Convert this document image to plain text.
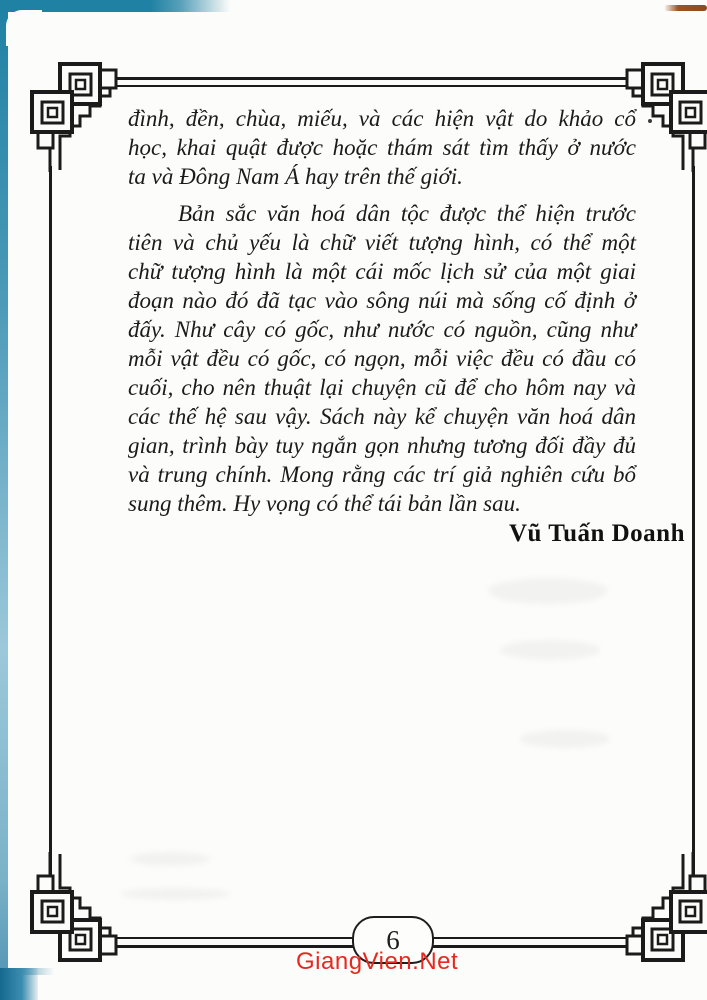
đình, đền, chùa, miếu, và các hiện vật do khảo cổ
học, khai quật được hoặc thám sát tìm thấy ở nước
ta và Đông Nam Á hay trên thế giới.
Bản sắc văn hoá dân tộc được thể hiện trước
tiên và chủ yếu là chữ viết tượng hình, có thể một
chữ tượng hình là một cái mốc lịch sử của một giai
đoạn nào đó đã tạc vào sông núi mà sống cố định ở
đấy. Như cây có gốc, như nước có nguồn, cũng như
mỗi vật đều có gốc, có ngọn, mỗi việc đều có đầu có
cuối, cho nên thuật lại chuyện cũ để cho hôm nay và
các thế hệ sau vậy. Sách này kể chuyện văn hoá dân
gian, trình bày tuy ngắn gọn nhưng tương đối đầy đủ
và trung chính. Mong rằng các trí giả nghiên cứu bổ
sung thêm. Hy vọng có thể tái bản lần sau.
Vũ Tuấn Doanh
6
GiangVien.Net
